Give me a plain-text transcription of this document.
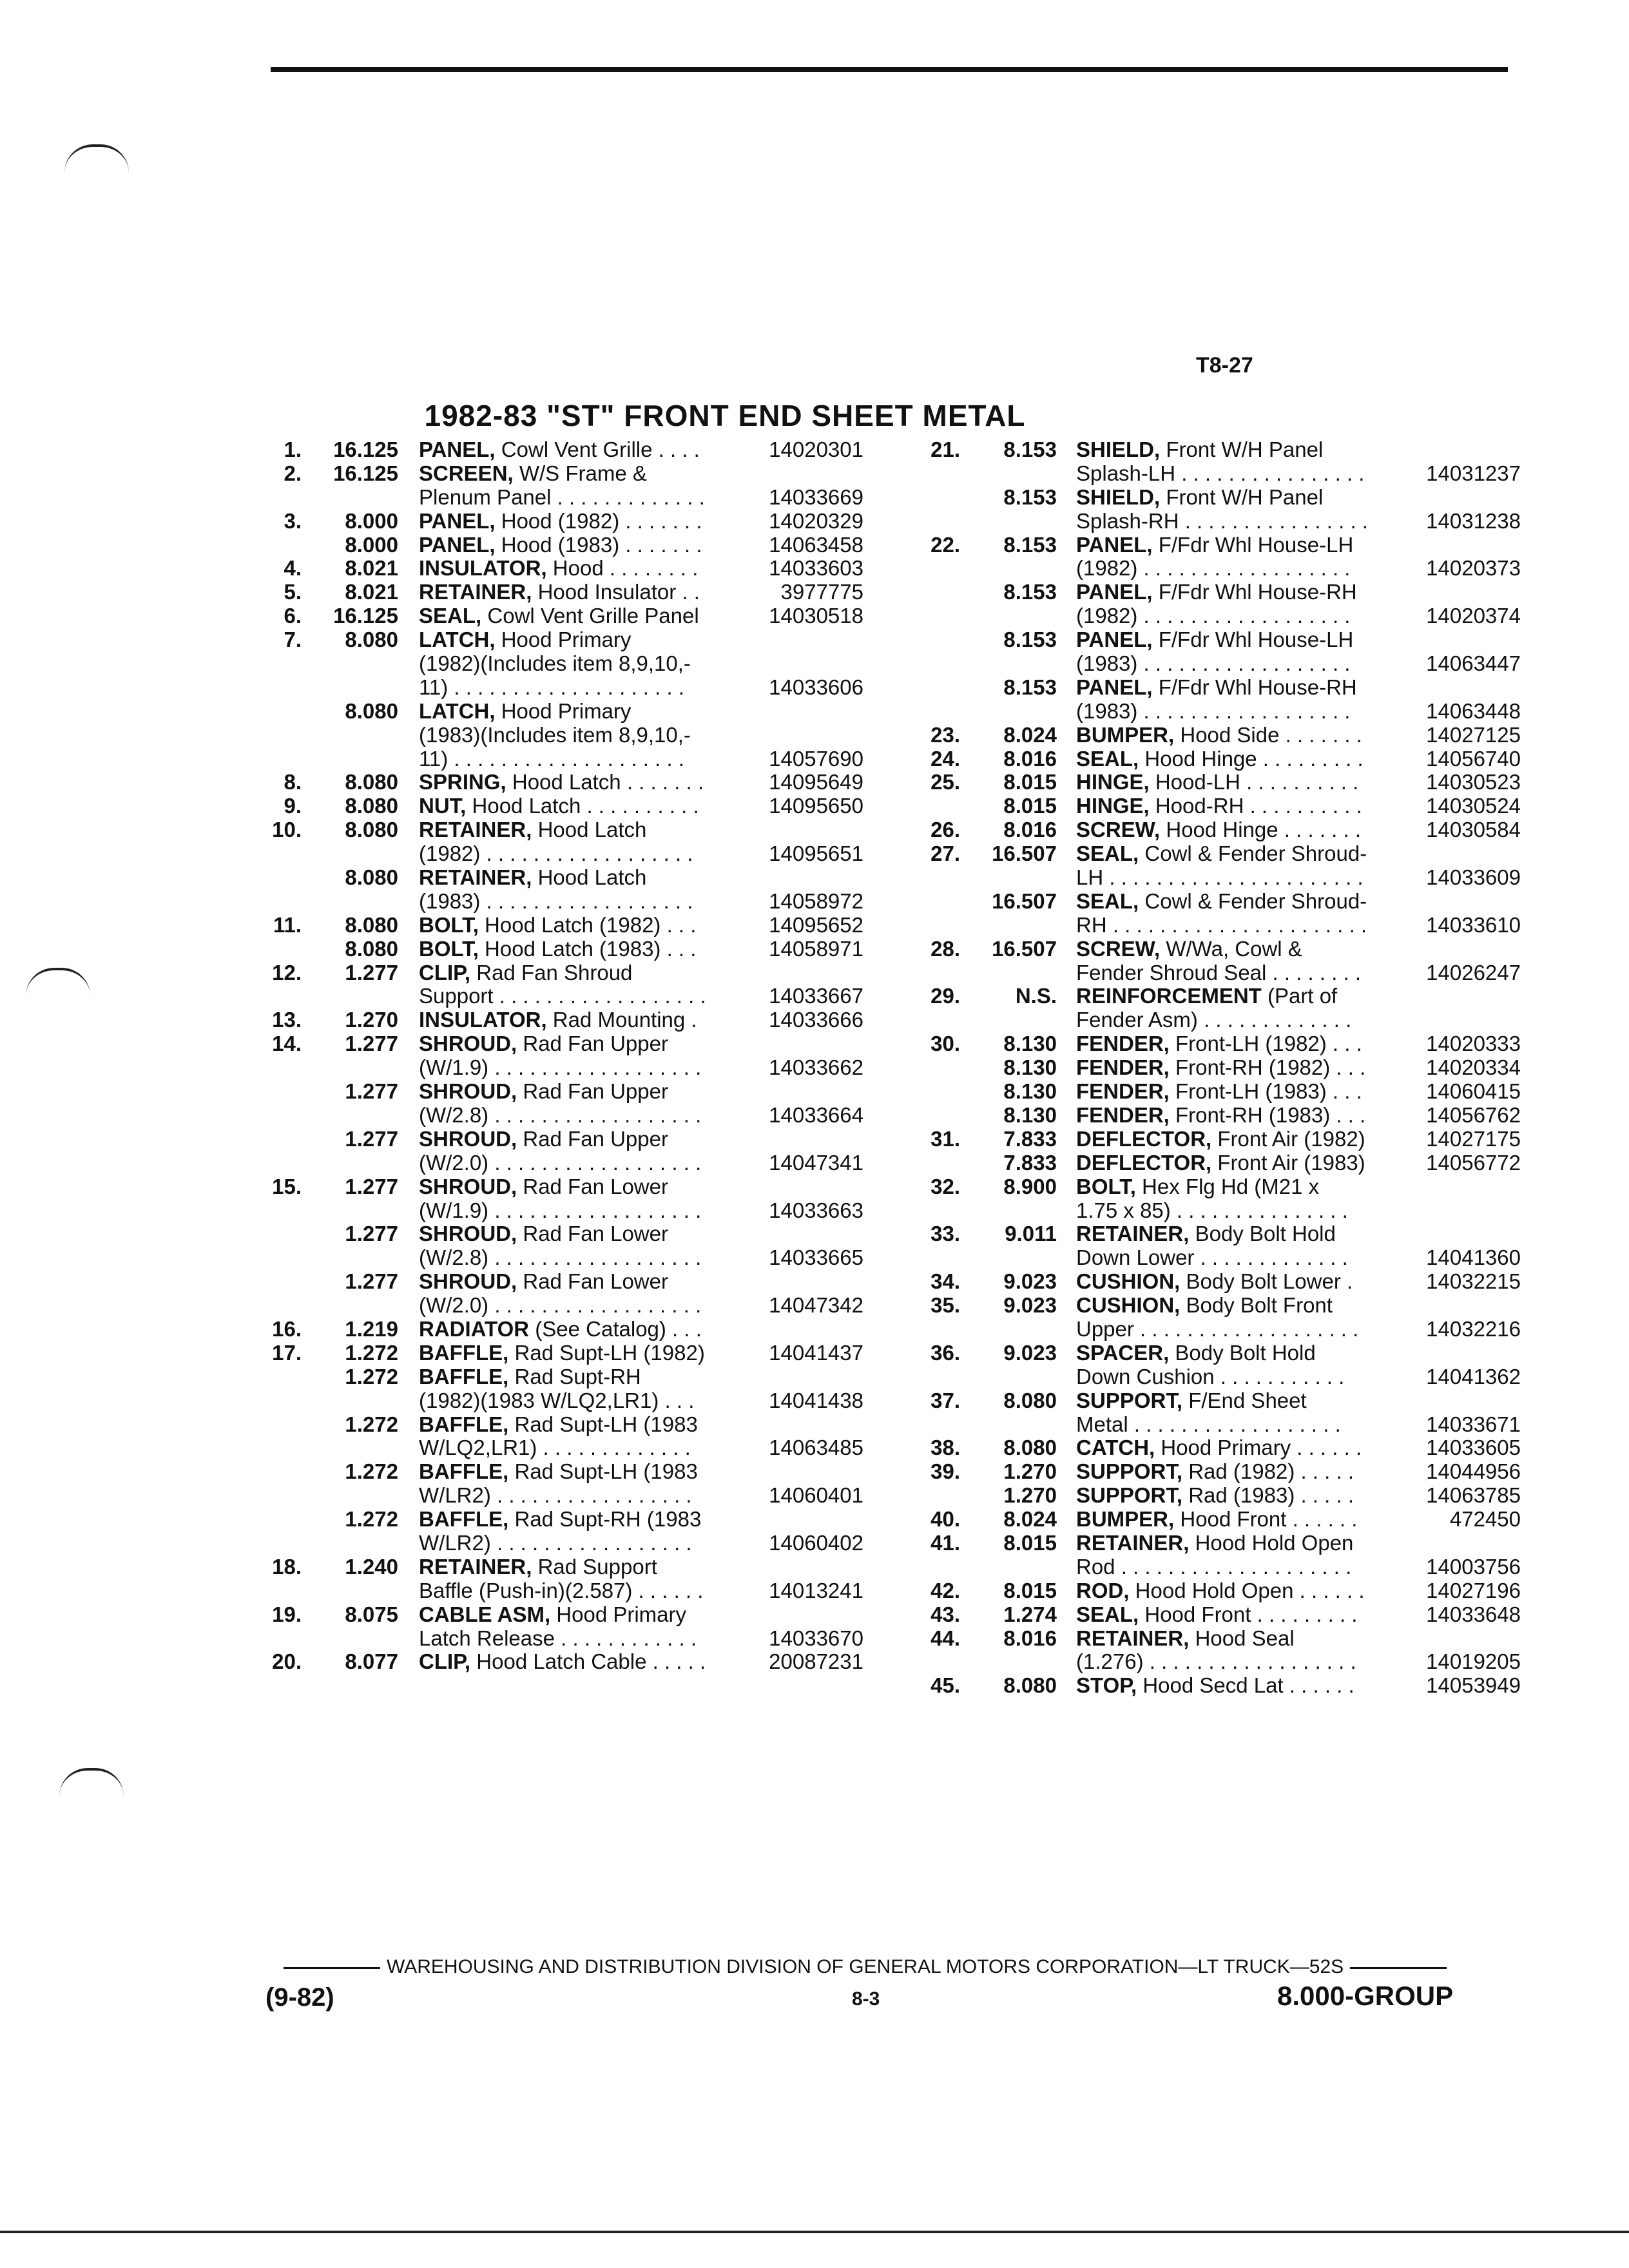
T8-27
1982-83 "ST" FRONT END SHEET METAL
1.	16.125 PANEL, Cowl Vent Grille . . . .	14020301
2.	16.125 SCREEN, W/S Frame &
Plenum Panel . . . . . . . . . . . . .	14033669
3.	8.000 PANEL, Hood (1982) . . . . . . .	14020329
8.000 PANEL, Hood (1983) . . . . . . .	14063458
4.	8.021 INSULATOR, Hood . . . . . . . .	14033603
5.	8.021 RETAINER, Hood Insulator . .	3977775
6.	16.125 SEAL, Cowl Vent Grille Panel	14030518
7.	8.080 LATCH, Hood Primary
(1982)(Includes item 8,9,10,-
11) . . . . . . . . . . . . . . . . . . . .	14033606
8.080 LATCH, Hood Primary
(1983)(Includes item 8,9,10,-
11) . . . . . . . . . . . . . . . . . . . .	14057690
8.	8.080 SPRING, Hood Latch . . . . . . .	14095649
9.	8.080 NUT, Hood Latch . . . . . . . . . .	14095650
10.	8.080 RETAINER, Hood Latch
(1982) . . . . . . . . . . . . . . . . . .	14095651
8.080 RETAINER, Hood Latch
(1983) . . . . . . . . . . . . . . . . . .	14058972
11.	8.080 BOLT, Hood Latch (1982) . . .	14095652
8.080 BOLT, Hood Latch (1983) . . .	14058971
12.	1.277 CLIP, Rad Fan Shroud
Support . . . . . . . . . . . . . . . . . .	14033667
13.	1.270 INSULATOR, Rad Mounting .	14033666
14.	1.277 SHROUD, Rad Fan Upper
(W/1.9) . . . . . . . . . . . . . . . . . .	14033662
1.277 SHROUD, Rad Fan Upper
(W/2.8) . . . . . . . . . . . . . . . . . .	14033664
1.277 SHROUD, Rad Fan Upper
(W/2.0) . . . . . . . . . . . . . . . . . .	14047341
15.	1.277 SHROUD, Rad Fan Lower
(W/1.9) . . . . . . . . . . . . . . . . . .	14033663
1.277 SHROUD, Rad Fan Lower
(W/2.8) . . . . . . . . . . . . . . . . . .	14033665
1.277 SHROUD, Rad Fan Lower
(W/2.0) . . . . . . . . . . . . . . . . . .	14047342
16.	1.219 RADIATOR (See Catalog) . . .
17.	1.272 BAFFLE, Rad Supt-LH (1982)	14041437
1.272 BAFFLE, Rad Supt-RH
(1982)(1983 W/LQ2,LR1) . . .	14041438
1.272 BAFFLE, Rad Supt-LH (1983
W/LQ2,LR1) . . . . . . . . . . . . .	14063485
1.272 BAFFLE, Rad Supt-LH (1983
W/LR2) . . . . . . . . . . . . . . . . .	14060401
1.272 BAFFLE, Rad Supt-RH (1983
W/LR2) . . . . . . . . . . . . . . . . .	14060402
18.	1.240 RETAINER, Rad Support
Baffle (Push-in)(2.587) . . . . . .	14013241
19.	8.075 CABLE ASM, Hood Primary
Latch Release . . . . . . . . . . . .	14033670
20.	8.077 CLIP, Hood Latch Cable . . . . .	20087231
21.	8.153 SHIELD, Front W/H Panel
Splash-LH . . . . . . . . . . . . . . . .	14031237
8.153 SHIELD, Front W/H Panel
Splash-RH . . . . . . . . . . . . . . . .	14031238
22.	8.153 PANEL, F/Fdr Whl House-LH
(1982) . . . . . . . . . . . . . . . . . .	14020373
8.153 PANEL, F/Fdr Whl House-RH
(1982) . . . . . . . . . . . . . . . . . .	14020374
8.153 PANEL, F/Fdr Whl House-LH
(1983) . . . . . . . . . . . . . . . . . .	14063447
8.153 PANEL, F/Fdr Whl House-RH
(1983) . . . . . . . . . . . . . . . . . .	14063448
23.	8.024 BUMPER, Hood Side . . . . . . .	14027125
24.	8.016 SEAL, Hood Hinge . . . . . . . . .	14056740
25.	8.015 HINGE, Hood-LH . . . . . . . . . .	14030523
8.015 HINGE, Hood-RH . . . . . . . . . .	14030524
26.	8.016 SCREW, Hood Hinge . . . . . . .	14030584
27.	16.507 SEAL, Cowl & Fender Shroud-
LH . . . . . . . . . . . . . . . . . . . . . .	14033609
16.507 SEAL, Cowl & Fender Shroud-
RH . . . . . . . . . . . . . . . . . . . . . .	14033610
28.	16.507 SCREW, W/Wa, Cowl &
Fender Shroud Seal . . . . . . . .	14026247
29.	N.S. REINFORCEMENT (Part of
Fender Asm) . . . . . . . . . . . . .
30.	8.130 FENDER, Front-LH (1982) . . .	14020333
8.130 FENDER, Front-RH (1982) . . .	14020334
8.130 FENDER, Front-LH (1983) . . .	14060415
8.130 FENDER, Front-RH (1983) . . .	14056762
31.	7.833 DEFLECTOR, Front Air (1982)	14027175
7.833 DEFLECTOR, Front Air (1983)	14056772
32.	8.900 BOLT, Hex Flg Hd (M21 x
1.75 x 85) . . . . . . . . . . . . . . .
33.	9.011 RETAINER, Body Bolt Hold
Down Lower . . . . . . . . . . . . .	14041360
34.	9.023 CUSHION, Body Bolt Lower .	14032215
35.	9.023 CUSHION, Body Bolt Front
Upper . . . . . . . . . . . . . . . . . . .	14032216
36.	9.023 SPACER, Body Bolt Hold
Down Cushion . . . . . . . . . . .	14041362
37.	8.080 SUPPORT, F/End Sheet
Metal . . . . . . . . . . . . . . . . . .	14033671
38.	8.080 CATCH, Hood Primary . . . . . .	14033605
39.	1.270 SUPPORT, Rad (1982) . . . . .	14044956
1.270 SUPPORT, Rad (1983) . . . . .	14063785
40.	8.024 BUMPER, Hood Front . . . . . .	472450
41.	8.015 RETAINER, Hood Hold Open
Rod . . . . . . . . . . . . . . . . . . . .	14003756
42.	8.015 ROD, Hood Hold Open . . . . . .	14027196
43.	1.274 SEAL, Hood Front . . . . . . . . .	14033648
44.	8.016 RETAINER, Hood Seal
(1.276) . . . . . . . . . . . . . . . . . .	14019205
45.	8.080 STOP, Hood Secd Lat . . . . . .	14053949
WAREHOUSING AND DISTRIBUTION DIVISION OF GENERAL MOTORS CORPORATION—LT TRUCK—52S
(9-82)	8-3	8.000-GROUP
